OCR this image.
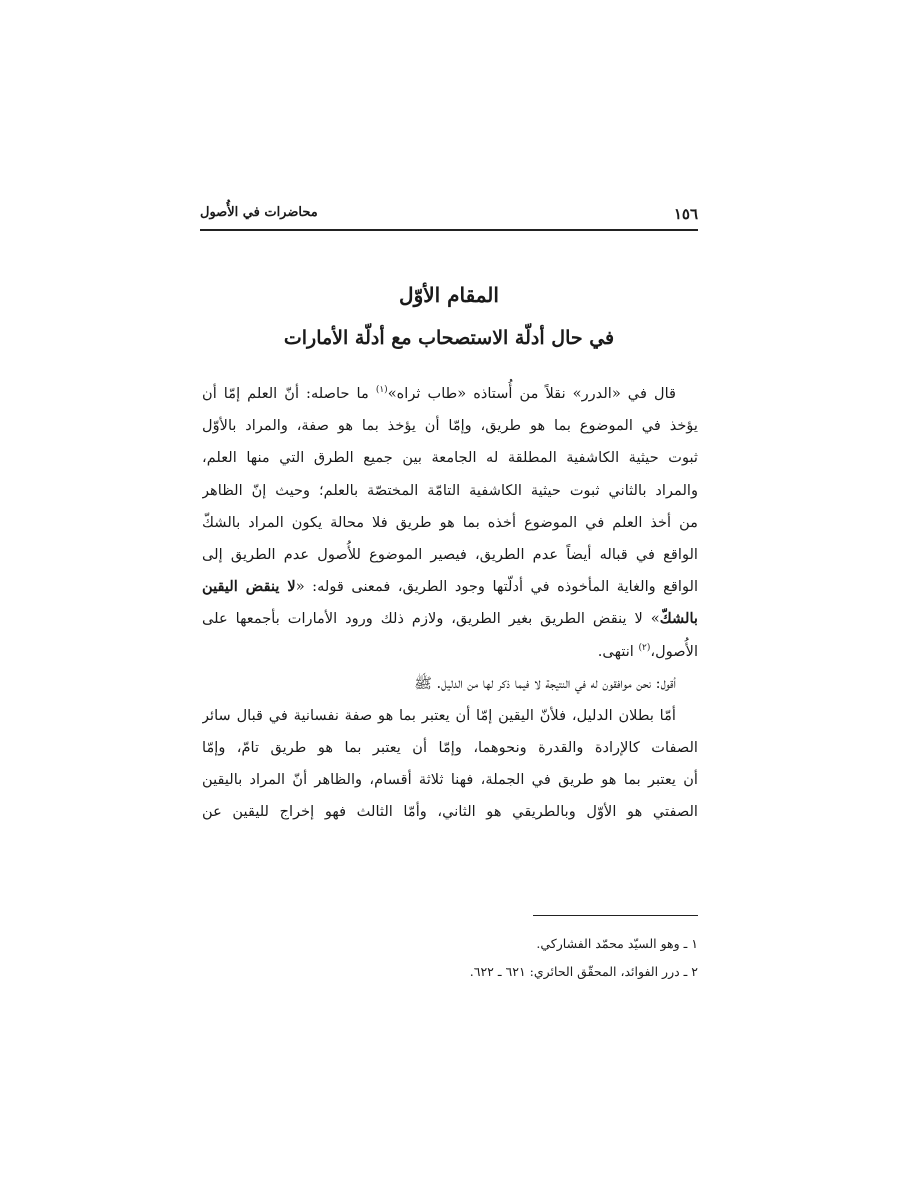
١٥٦
محاضرات في الأُصول
المقام الأوّل
في حال أدلّة الاستصحاب مع أدلّة الأمارات
قال في «الدرر» نقلاً من أُستاذه «طاب ثراه»$^{(١)}$ ما حاصله: أنّ العلم إمّا أن
يؤخذ في الموضوع بما هو طريق، وإمّا أن يؤخذ بما هو صفة، والمراد بالأوّل
ثبوت حيثية الكاشفية المطلقة له الجامعة بين جميع الطرق التي منها العلم،
والمراد بالثاني ثبوت حيثية الكاشفية التامّة المختصّة بالعلم؛ وحيث إنّ الظاهر
من أخذ العلم في الموضوع أخذه بما هو طريق فلا محالة يكون المراد بالشكّ
الواقع في قباله أيضاً عدم الطريق، فيصير الموضوع للأُصول عدم الطريق إلى
الواقع والغاية المأخوذه في أدلّتها وجود الطريق، فمعنى قوله: «لا ينقض اليقين
بالشكّ» لا ينقض الطريق بغير الطريق، ولازم ذلك ورود الأمارات بأجمعها على
الأُصول،$^{(٢)}$ انتهى.
أقول: نحن موافقون له في النتيجة لا فيما ذكر لها من الدليل. ﷺ
أمّا بطلان الدليل، فلأنّ اليقين إمّا أن يعتبر بما هو صفة نفسانية في قبال سائر
الصفات كالإرادة والقدرة ونحوهما، وإمّا أن يعتبر بما هو طريق تامّ، وإمّا
أن يعتبر بما هو طريق في الجملة، فهنا ثلاثة أقسام، والظاهر أنّ المراد باليقين
الصفتي هو الأوّل وبالطريقي هو الثاني، وأمّا الثالث فهو إخراج لليقين عن
١ ـ وهو السيّد محمّد الفشاركي.
٢ ـ درر الفوائد، المحقّق الحائري: ٦٢١ ـ ٦٢٢.
